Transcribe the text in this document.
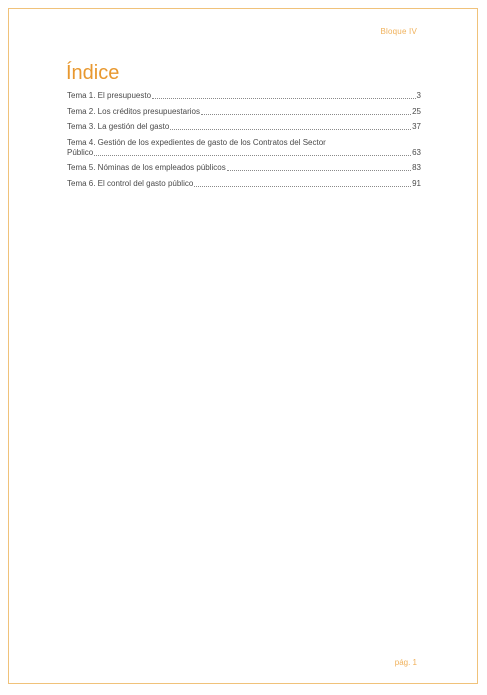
Bloque IV
Índice
Tema 1. El presupuesto	3
Tema 2. Los créditos presupuestarios	25
Tema 3. La gestión del gasto	37
Tema 4. Gestión de los expedientes de gasto de los Contratos del Sector
Público	63
Tema 5. Nóminas de los empleados públicos	83
Tema 6. El control del gasto público	91
pág. 1
